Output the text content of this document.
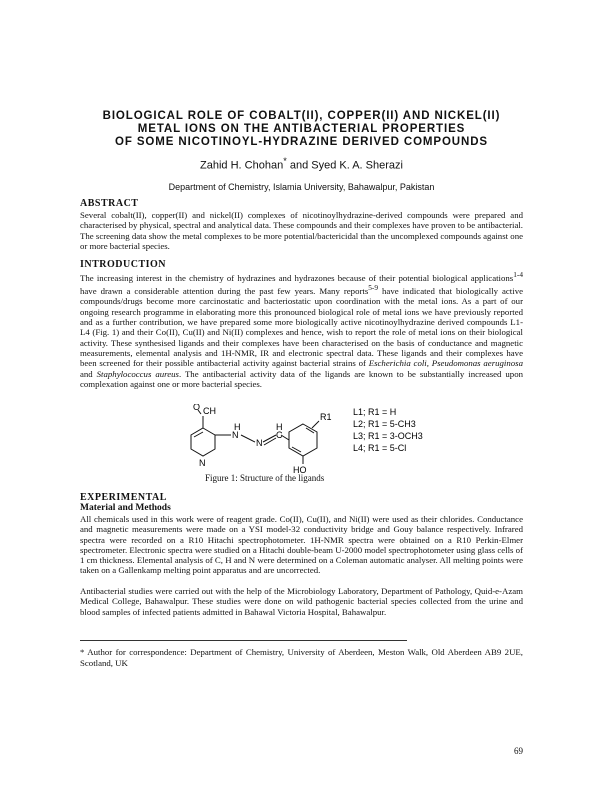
BIOLOGICAL ROLE OF COBALT(II), COPPER(II) AND NICKEL(II)
METAL IONS ON THE ANTIBACTERIAL PROPERTIES
OF SOME NICOTINOYL-HYDRAZINE DERIVED COMPOUNDS
Zahid H. Chohan* and Syed K. A. Sherazi
Department of Chemistry, Islamia University, Bahawalpur, Pakistan
ABSTRACT
Several cobalt(II), copper(II) and nickel(II) complexes of nicotinoylhydrazine-derived compounds were prepared and characterised by physical, spectral and analytical data. These compounds and their complexes have proven to be antibacterial. The screening data show the metal complexes to be more potential/bactericidal than the uncomplexed compounds against one or more bacterial species.
INTRODUCTION
The increasing interest in the chemistry of hydrazines and hydrazones because of their potential biological applications$^{1-4}$ have drawn a considerable attention during the past few years. Many reports$^{5-9}$ have indicated that biologically active compounds/drugs become more carcinostatic and bacteriostatic upon coordination with the metal ions. As a part of our ongoing research programme in elaborating more this pronounced biological role of metal ions we have previously reported and as a further contribution, we have prepared some more biologically active nicotinoylhydrazine derived compounds L1-L4 (Fig. 1) and their Co(II), Cu(II) and Ni(II) complexes and hence, wish to report the role of metal ions on their biological activity. These synthesised ligands and their complexes have been characterised on the basis of conductance and magnetic measurements, elemental analysis and 1H-NMR, IR and electronic spectral data. These ligands and their complexes have been screened for their possible antibacterial activity against bacterial strains of Escherichia coli, Pseudomonas aeruginosa and Staphylococcus aureus. The antibacterial activity data of the ligands are known to be substantially increased upon complexation against one or more bacterial species.
O CH
H
N
N
H
C
N
R1
HO
L1; R1 = H
L2; R1 = 5-CH3
L3; R1 = 3-OCH3
L4; R1 = 5-Cl
Figure 1: Structure of the ligands
EXPERIMENTAL
Material and Methods
All chemicals used in this work were of reagent grade. Co(II), Cu(II), and Ni(II) were used as their chlorides. Conductance and magnetic measurements were made on a YSI model-32 conductivity bridge and Gouy balance respectively. Infrared spectra were recorded on a R10 Hitachi spectrophotometer. 1H-NMR spectra were obtained on a R10 Perkin-Elmer spectrometer. Electronic spectra were studied on a Hitachi double-beam U-2000 model spectrophotometer using glass cells of 1 cm thickness. Elemental analysis of C, H and N were determined on a Coleman automatic analyser. All melting points were taken on a Gallenkamp melting point apparatus and are uncorrected.
Antibacterial studies were carried out with the help of the Microbiology Laboratory, Department of Pathology, Quid-e-Azam Medical College, Bahawalpur. These studies were done on wild pathogenic bacterial species collected from the urine and blood samples of infected patients admitted in Bahawal Victoria Hospital, Bahawalpur.
* Author for correspondence: Department of Chemistry, University of Aberdeen, Meston Walk, Old Aberdeen AB9 2UE, Scotland, UK
69
